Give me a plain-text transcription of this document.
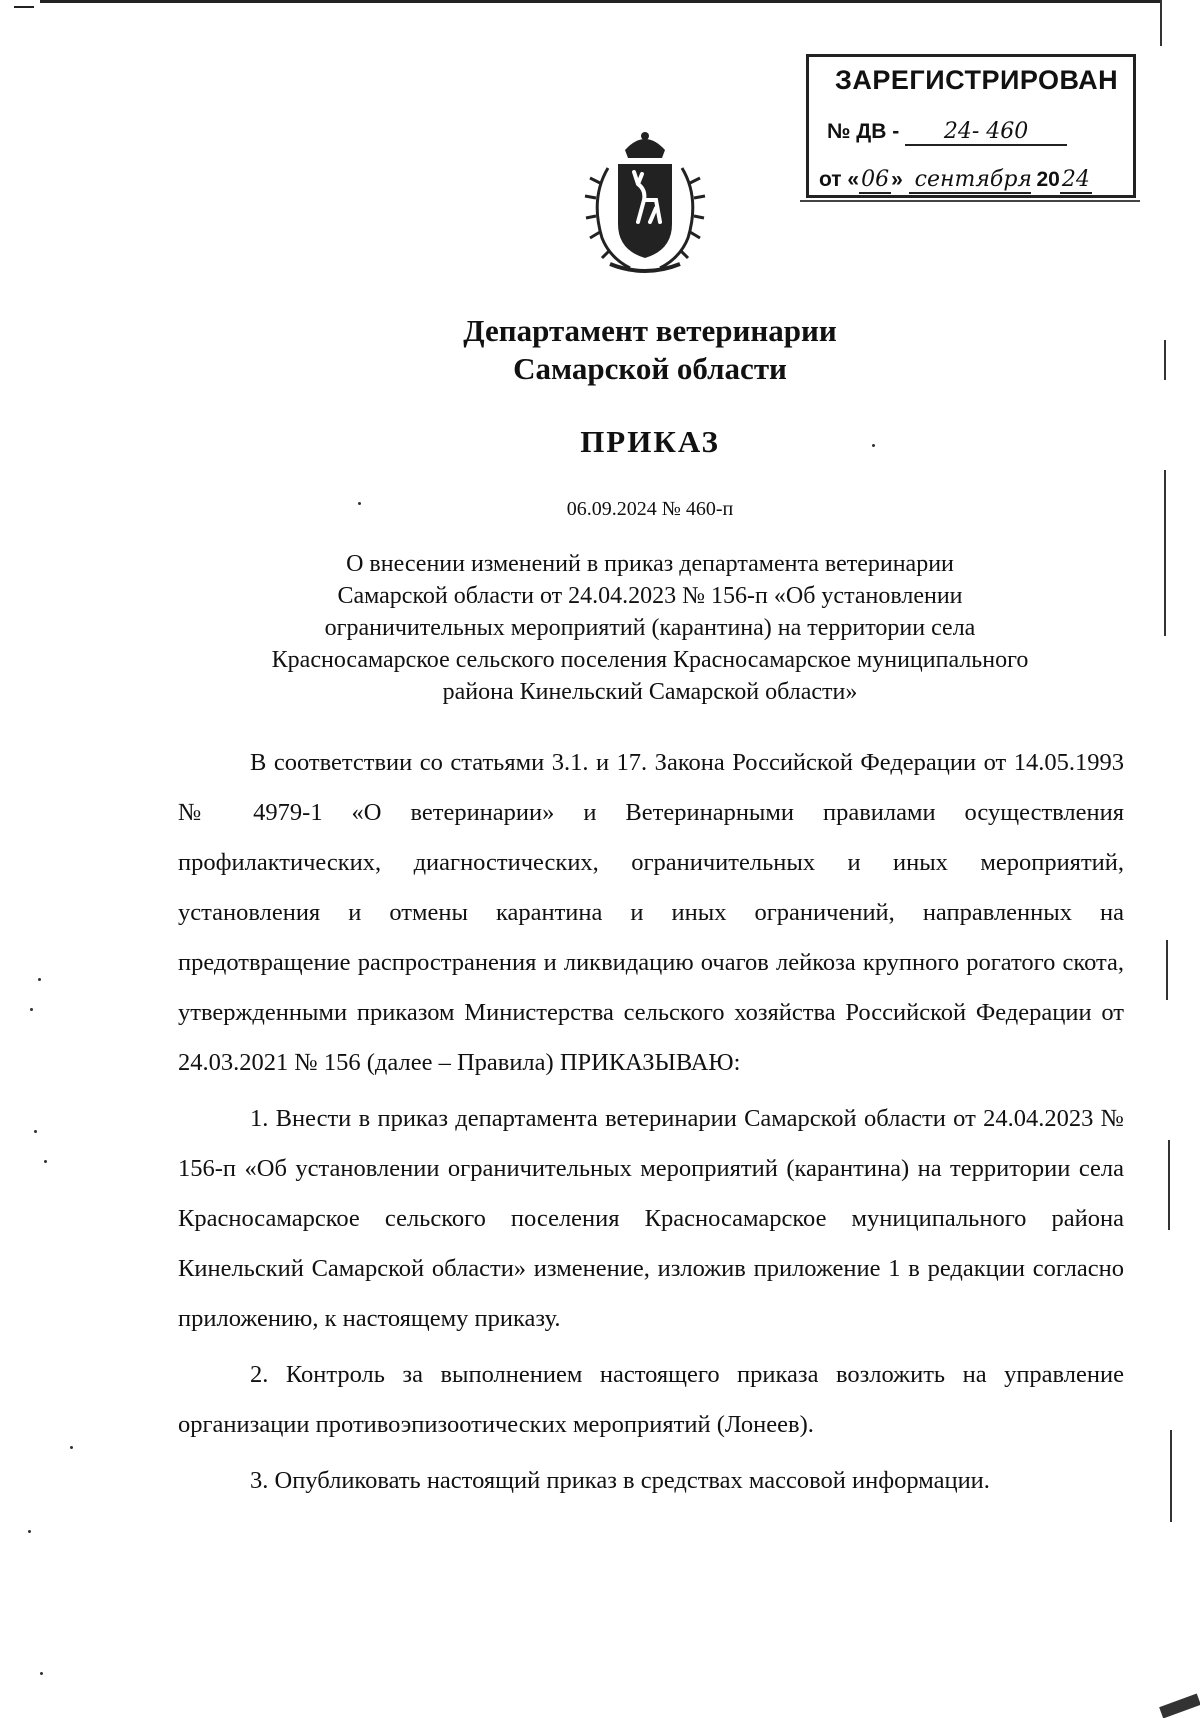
ЗАРЕГИСТРИРОВАН
№ ДВ - 24- 460
от «06» сентября 2024
Департамент ветеринарии
Самарской области
ПРИКАЗ
06.09.2024 № 460-п
О внесении изменений в приказ департамента ветеринарии
Самарской области от 24.04.2023 № 156-п «Об установлении
ограничительных мероприятий (карантина) на территории села
Красносамарское сельского поселения Красносамарское муниципального
района Кинельский Самарской области»

В соответствии со статьями 3.1. и 17. Закона Российской Федерации от 14.05.1993 № 4979-1 «О ветеринарии» и Ветеринарными правилами осуществления профилактических, диагностических, ограничительных и иных мероприятий, установления и отмены карантина и иных ограничений, направленных на предотвращение распространения и ликвидацию очагов лейкоза крупного рогатого скота, утвержденными приказом Министерства сельского хозяйства Российской Федерации от 24.03.2021 № 156 (далее – Правила) ПРИКАЗЫВАЮ:

1. Внести в приказ департамента ветеринарии Самарской области от 24.04.2023 № 156-п «Об установлении ограничительных мероприятий (карантина) на территории села Красносамарское сельского поселения Красносамарское муниципального района Кинельский Самарской области» изменение, изложив приложение 1 в редакции согласно приложению, к настоящему приказу.

2. Контроль за выполнением настоящего приказа возложить на управление организации противоэпизоотических мероприятий (Лонеев).

3. Опубликовать настоящий приказ в средствах массовой информации.
